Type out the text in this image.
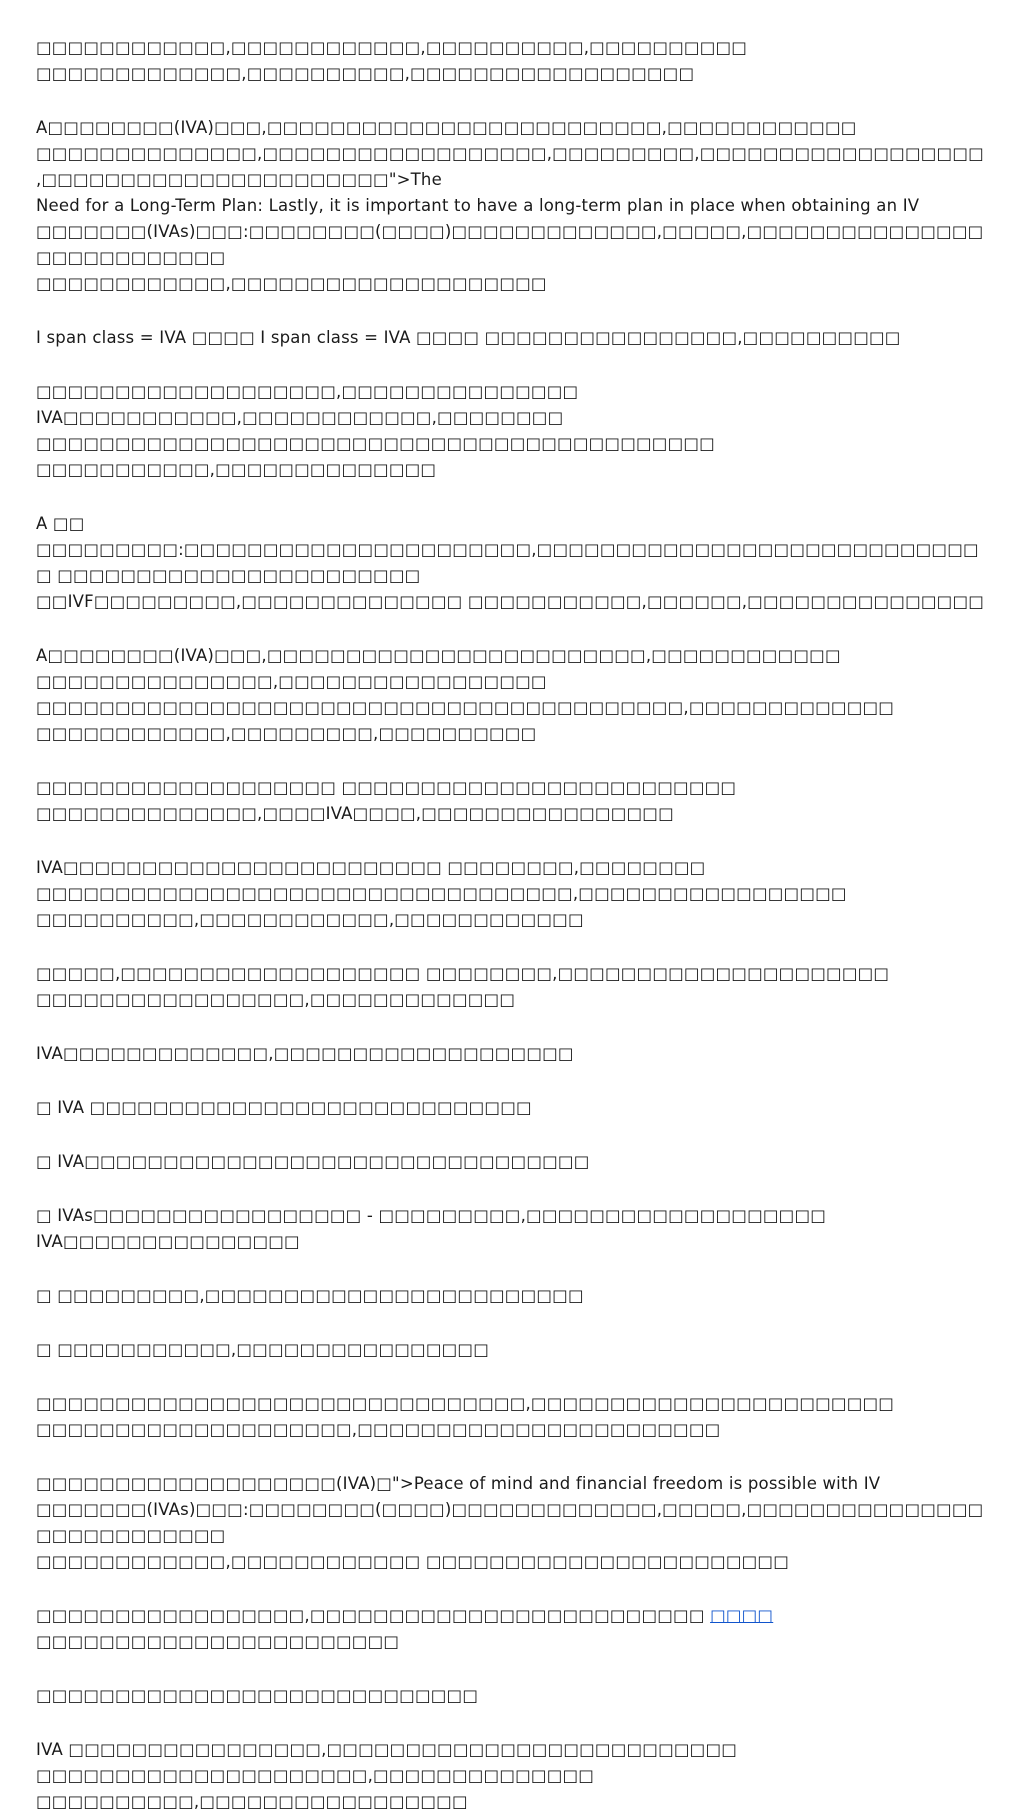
□□□□□□□□□□□□,□□□□□□□□□□□□,□□□□□□□□□□,□□□□□□□□□□ □□□□□□□□□□□□□,□□□□□□□□□□,□□□□□□□□□□□□□□□□□□

A□□□□□□□□(IVA)□□□,□□□□□□□□□□□□□□□□□□□□□□□□□,□□□□□□□□□□□□
□□□□□□□□□□□□□□,□□□□□□□□□□□□□□□□□□,□□□□□□□□□,□□□□□□□□□□□□□□□□□□,□□□□□□□□□□□□□□□□□□□□□□">The
Need for a Long-Term Plan: Lastly, it is important to have a long-term plan in place when obtaining an IV
□□□□□□□(IVAs)□□□:□□□□□□□□(□□□□)□□□□□□□□□□□□□,□□□□□,□□□□□□□□□□□□□□□□□□□□□□□□□□□
□□□□□□□□□□□□,□□□□□□□□□□□□□□□□□□□□

I span class = IVA □□□□ I span class = IVA □□□□ □□□□□□□□□□□□□□□□,□□□□□□□□□□

□□□□□□□□□□□□□□□□□□□,□□□□□□□□□□□□□□□ IVA□□□□□□□□□□□,□□□□□□□□□□□□,□□□□□□□□
□□□□□□□□□□□□□□□□□□□□□□□□□□□□□□□□□□□□□□□□□□□ □□□□□□□□□□□,□□□□□□□□□□□□□□

A □□ □□□□□□□□□:□□□□□□□□□□□□□□□□□□□□□□,□□□□□□□□□□□□□□□□□□□□□□□□□□□□□ □□□□□□□□□□□□□□□□□□□□□□□
□□IVF□□□□□□□□□,□□□□□□□□□□□□□□ □□□□□□□□□□□,□□□□□□,□□□□□□□□□□□□□□□

A□□□□□□□□(IVA)□□□,□□□□□□□□□□□□□□□□□□□□□□□□,□□□□□□□□□□□□ □□□□□□□□□□□□□□□,□□□□□□□□□□□□□□□□□
□□□□□□□□□□□□□□□□□□□□□□□□□□□□□□□□□□□□□□□□□,□□□□□□□□□□□□□ □□□□□□□□□□□□,□□□□□□□□□,□□□□□□□□□□

□□□□□□□□□□□□□□□□□□□ □□□□□□□□□□□□□□□□□□□□□□□□□ □□□□□□□□□□□□□□,□□□□IVA□□□□,□□□□□□□□□□□□□□□□

IVA□□□□□□□□□□□□□□□□□□□□□□□□ □□□□□□□□,□□□□□□□□
□□□□□□□□□□□□□□□□□□□□□□□□□□□□□□□□□□,□□□□□□□□□□□□□□□□□ □□□□□□□□□□,□□□□□□□□□□□□,□□□□□□□□□□□□

□□□□□,□□□□□□□□□□□□□□□□□□□ □□□□□□□□,□□□□□□□□□□□□□□□□□□□□□ □□□□□□□□□□□□□□□□□,□□□□□□□□□□□□□

IVA□□□□□□□□□□□□□,□□□□□□□□□□□□□□□□□□□

□ IVA □□□□□□□□□□□□□□□□□□□□□□□□□□□□

□ IVA□□□□□□□□□□□□□□□□□□□□□□□□□□□□□□□□

□ IVAs□□□□□□□□□□□□□□□□□ - □□□□□□□□□,□□□□□□□□□□□□□□□□□□□ IVA□□□□□□□□□□□□□□□

□ □□□□□□□□□,□□□□□□□□□□□□□□□□□□□□□□□□

□ □□□□□□□□□□□,□□□□□□□□□□□□□□□□

□□□□□□□□□□□□□□□□□□□□□□□□□□□□□□□,□□□□□□□□□□□□□□□□□□□□□□□
□□□□□□□□□□□□□□□□□□□□,□□□□□□□□□□□□□□□□□□□□□□□

□□□□□□□□□□□□□□□□□□□(IVA)□">Peace of mind and financial freedom is possible with IV
□□□□□□□(IVAs)□□□:□□□□□□□□(□□□□)□□□□□□□□□□□□□,□□□□□,□□□□□□□□□□□□□□□□□□□□□□□□□□□
□□□□□□□□□□□□,□□□□□□□□□□□□ □□□□□□□□□□□□□□□□□□□□□□□

□□□□□□□□□□□□□□□□□,□□□□□□□□□□□□□□□□□□□□□□□□□ □□□□ □□□□□□□□□□□□□□□□□□□□□□□

□□□□□□□□□□□□□□□□□□□□□□□□□□□□

IVA □□□□□□□□□□□□□□□□,□□□□□□□□□□□□□□□□□□□□□□□□□□ □□□□□□□□□□□□□□□□□□□□□,□□□□□□□□□□□□□□
□□□□□□□□□□,□□□□□□□□□□□□□□□□□
